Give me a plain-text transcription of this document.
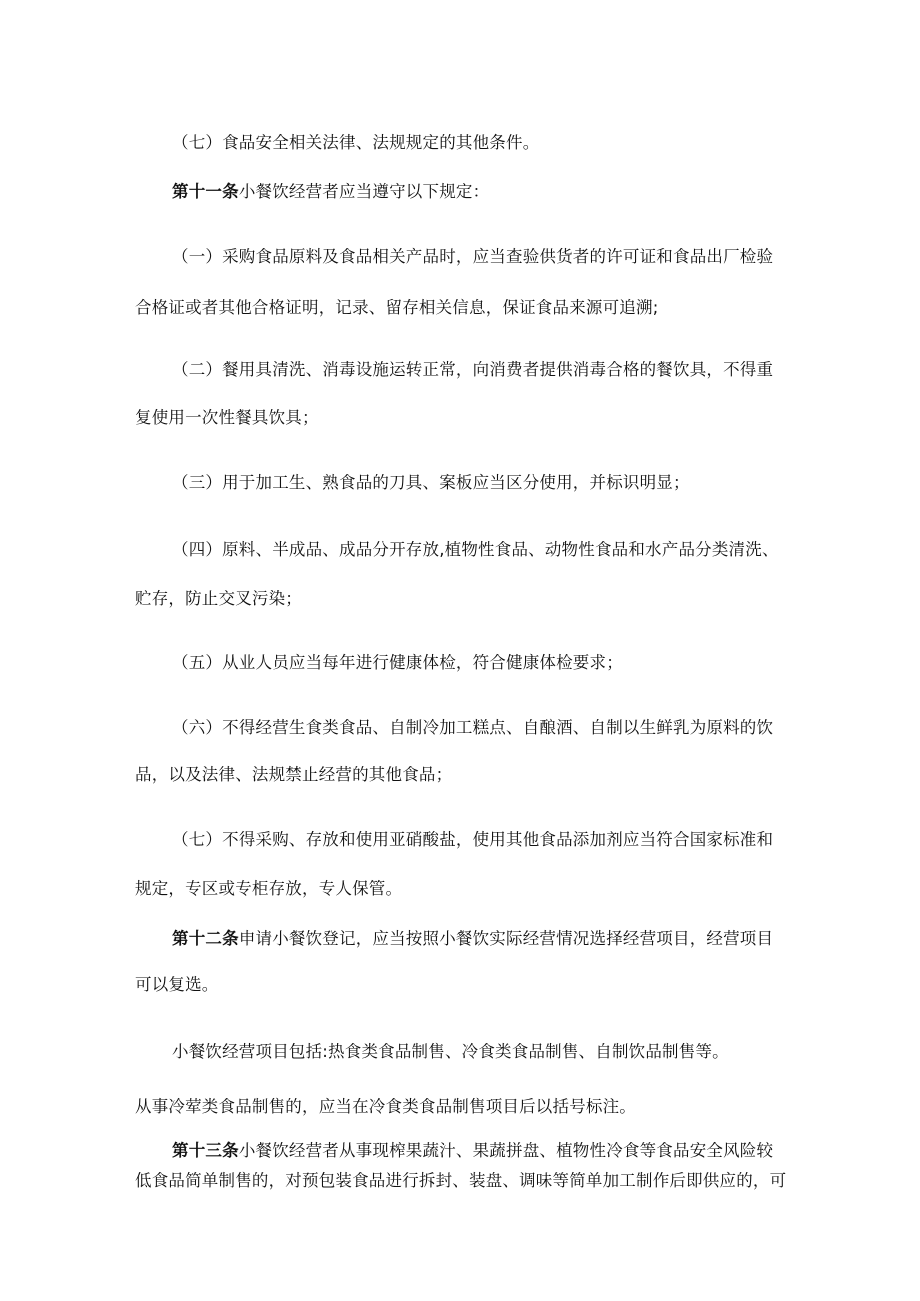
（七）食品安全相关法律、法规规定的其他条件。
第十一条小餐饮经营者应当遵守以下规定：
（一）采购食品原料及食品相关产品时，应当查验供货者的许可证和食品出厂检验
合格证或者其他合格证明，记录、留存相关信息，保证食品来源可追溯;
（二）餐用具清洗、消毒设施运转正常，向消费者提供消毒合格的餐饮具，不得重
复使用一次性餐具饮具；
（三）用于加工生、熟食品的刀具、案板应当区分使用，并标识明显；
（四）原料、半成品、成品分开存放,植物性食品、动物性食品和水产品分类清洗、
贮存，防止交叉污染；
（五）从业人员应当每年进行健康体检，符合健康体检要求；
（六）不得经营生食类食品、自制冷加工糕点、自酿酒、自制以生鲜乳为原料的饮
品，以及法律、法规禁止经营的其他食品；
（七）不得采购、存放和使用亚硝酸盐，使用其他食品添加剂应当符合国家标准和
规定，专区或专柜存放，专人保管。
第十二条申请小餐饮登记，应当按照小餐饮实际经营情况选择经营项目，经营项目
可以复选。
小餐饮经营项目包括:热食类食品制售、冷食类食品制售、自制饮品制售等。
从事冷荤类食品制售的，应当在冷食类食品制售项目后以括号标注。
第十三条小餐饮经营者从事现榨果蔬汁、果蔬拼盘、植物性冷食等食品安全风险较
低食品简单制售的，对预包装食品进行拆封、装盘、调味等简单加工制作后即供应的，可
